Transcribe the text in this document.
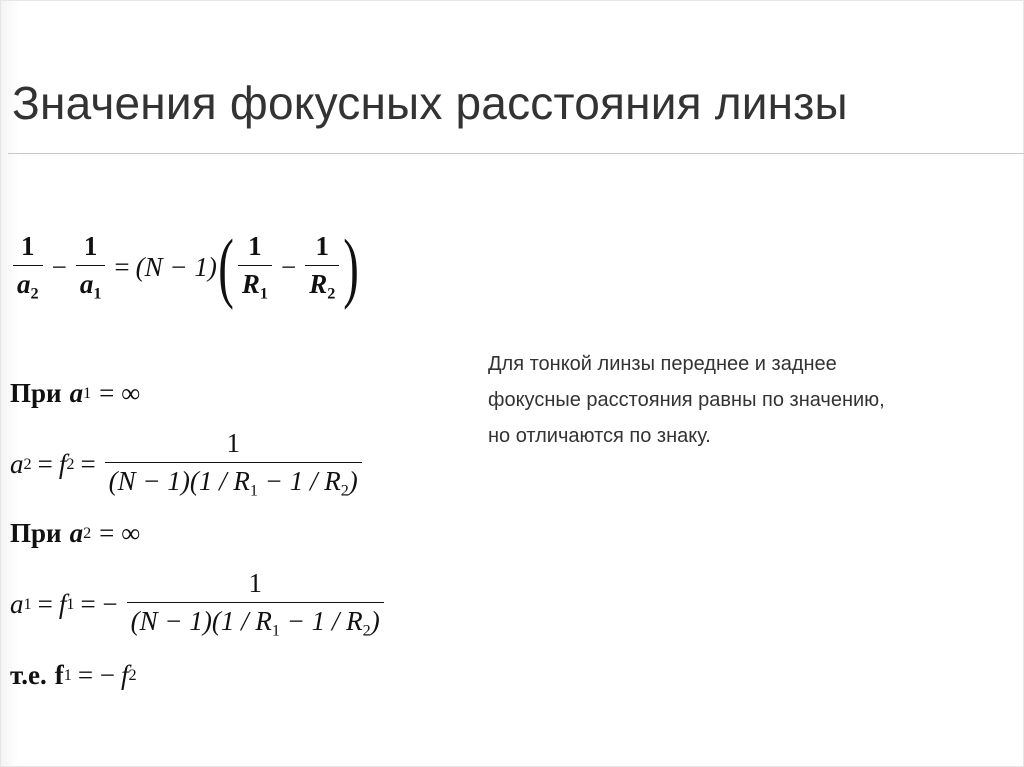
Значения фокусных расстояния линзы
$\frac{1}{a_2} - \frac{1}{a_1} = (N - 1)$ ( $\frac{1}{R_1} - \frac{1}{R_2}$ )
При a 1 = ∞
a 2 = f $2 = \frac{1}{(N - 1)(1 / R_1 - 1 / R_2)}$
При a 2 = ∞
a 1 = f 1 = − $\frac{1}{(N - 1)(1 / R_1 - 1 / R_2)}$
т.е. f 1 = − f 2
Для тонкой линзы переднее и заднее
фокусные расстояния равны по значению,
но отличаются по знаку.
